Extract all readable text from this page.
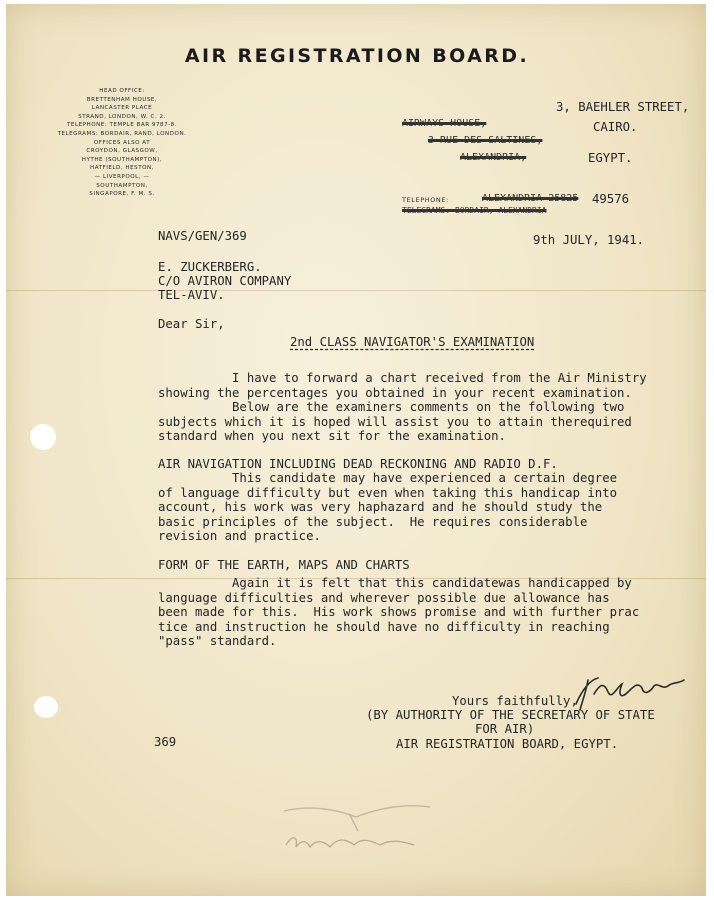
AIR REGISTRATION BOARD.
HEAD OFFICE:
BRETTENHAM HOUSE,
LANCASTER PLACE
STRAND, LONDON, W. C. 2.
TELEPHONE: TEMPLE BAR 9787-8.
TELEGRAMS: BORDAIR, RAND, LONDON.
OFFICES ALSO AT
CROYDON, GLASGOW,
HYTHE (SOUTHAMPTON),
HATFIELD, HESTON,
— LIVERPOOL, —
SOUTHAMPTON,
SINGAPORE, F. M. S.
3, BAEHLER STREET,
AIRWAYS HOUSE,	CAIRO.
3 RUE DES SALTINES,
ALEXANDRIA,	EGYPT.
TELEPHONE:	ALEXANDRIA 25825 49576
TELEGRAMS: BORDAIR, ALEXANDRIA
NAVS/GEN/369	9th JULY, 1941.
E. ZUCKERBERG.
C/O AVIRON COMPANY
TEL-AVIV.
Dear Sir,
2nd CLASS NAVIGATOR'S EXAMINATION
I have to forward a chart received from the Air Ministry
showing the percentages you obtained in your recent examination.
Below are the examiners comments on the following two
subjects which it is hoped will assist you to attain therequired
standard when you next sit for the examination.
AIR NAVIGATION INCLUDING DEAD RECKONING AND RADIO D.F.
This candidate may have experienced a certain degree
of language difficulty but even when taking this handicap into
account, his work was very haphazard and he should study the
basic principles of the subject.  He requires considerable
revision and practice.
FORM OF THE EARTH, MAPS AND CHARTS
Again it is felt that this candidatewas handicapped by
language difficulties and wherever possible due allowance has
been made for this.  His work shows promise and with further prac
tice and instruction he should have no difficulty in reaching
"pass" standard.
Yours faithfully,
(BY AUTHORITY OF THE SECRETARY OF STATE
FOR AIR)
AIR REGISTRATION BOARD, EGYPT.
369
